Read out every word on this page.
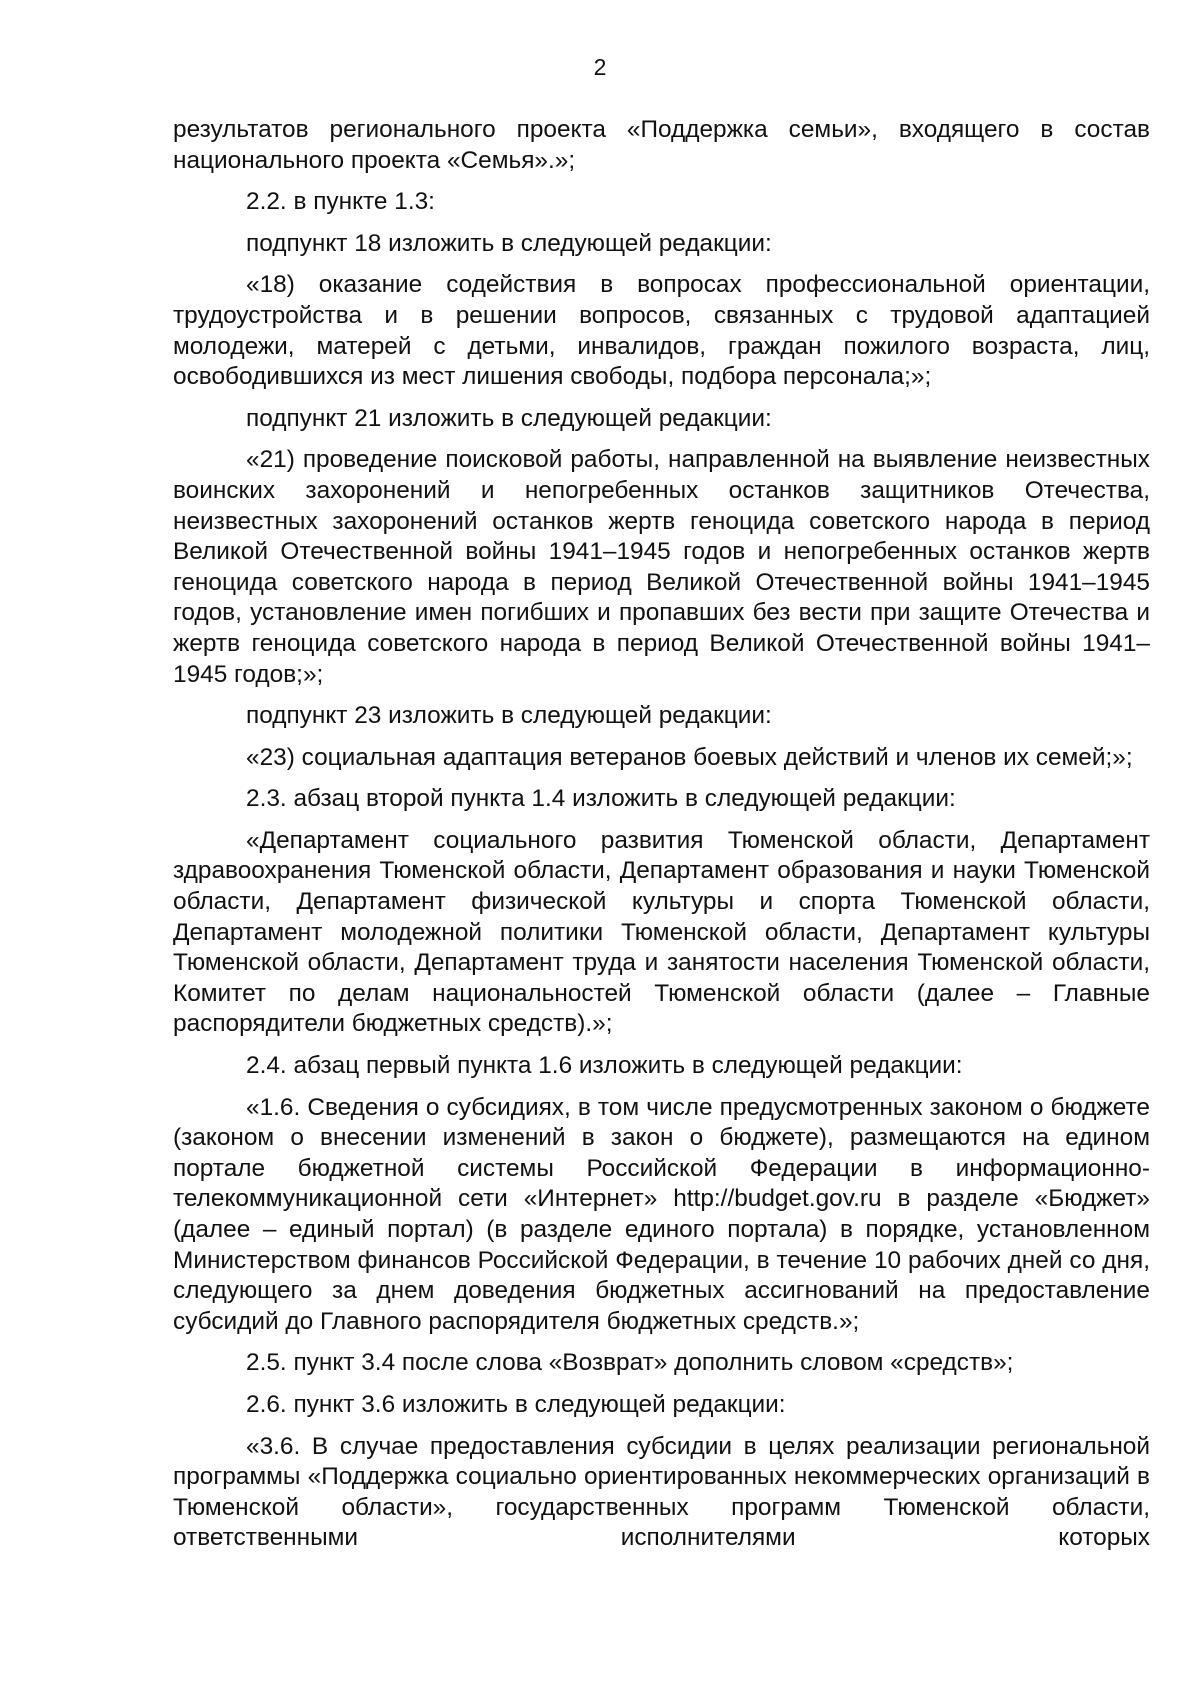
2

результатов регионального проекта «Поддержка семьи», входящего в состав национального проекта «Семья».»;

2.2. в пункте 1.3:

подпункт 18 изложить в следующей редакции:

«18) оказание содействия в вопросах профессиональной ориентации, трудоустройства и в решении вопросов, связанных с трудовой адаптацией молодежи, матерей с детьми, инвалидов, граждан пожилого возраста, лиц, освободившихся из мест лишения свободы, подбора персонала;»;

подпункт 21 изложить в следующей редакции:

«21) проведение поисковой работы, направленной на выявление неизвестных воинских захоронений и непогребенных останков защитников Отечества, неизвестных захоронений останков жертв геноцида советского народа в период Великой Отечественной войны 1941–1945 годов и непогребенных останков жертв геноцида советского народа в период Великой Отечественной войны 1941–1945 годов, установление имен погибших и пропавших без вести при защите Отечества и жертв геноцида советского народа в период Великой Отечественной войны 1941–1945 годов;»;

подпункт 23 изложить в следующей редакции:

«23) социальная адаптация ветеранов боевых действий и членов их семей;»;

2.3. абзац второй пункта 1.4 изложить в следующей редакции:

«Департамент социального развития Тюменской области, Департамент здравоохранения Тюменской области, Департамент образования и науки Тюменской области, Департамент физической культуры и спорта Тюменской области, Департамент молодежной политики Тюменской области, Департамент культуры Тюменской области, Департамент труда и занятости населения Тюменской области, Комитет по делам национальностей Тюменской области (далее – Главные распорядители бюджетных средств).»;

2.4. абзац первый пункта 1.6 изложить в следующей редакции:

«1.6. Сведения о субсидиях, в том числе предусмотренных законом о бюджете (законом о внесении изменений в закон о бюджете), размещаются на едином портале бюджетной системы Российской Федерации в информационно-телекоммуникационной сети «Интернет» http://budget.gov.ru в разделе «Бюджет» (далее – единый портал) (в разделе единого портала) в порядке, установленном Министерством финансов Российской Федерации, в течение 10 рабочих дней со дня, следующего за днем доведения бюджетных ассигнований на предоставление субсидий до Главного распорядителя бюджетных средств.»;

2.5. пункт 3.4 после слова «Возврат» дополнить словом «средств»;

2.6. пункт 3.6 изложить в следующей редакции:

«3.6. В случае предоставления субсидии в целях реализации региональной программы «Поддержка социально ориентированных некоммерческих организаций в Тюменской области», государственных программ Тюменской области, ответственными исполнителями которых
